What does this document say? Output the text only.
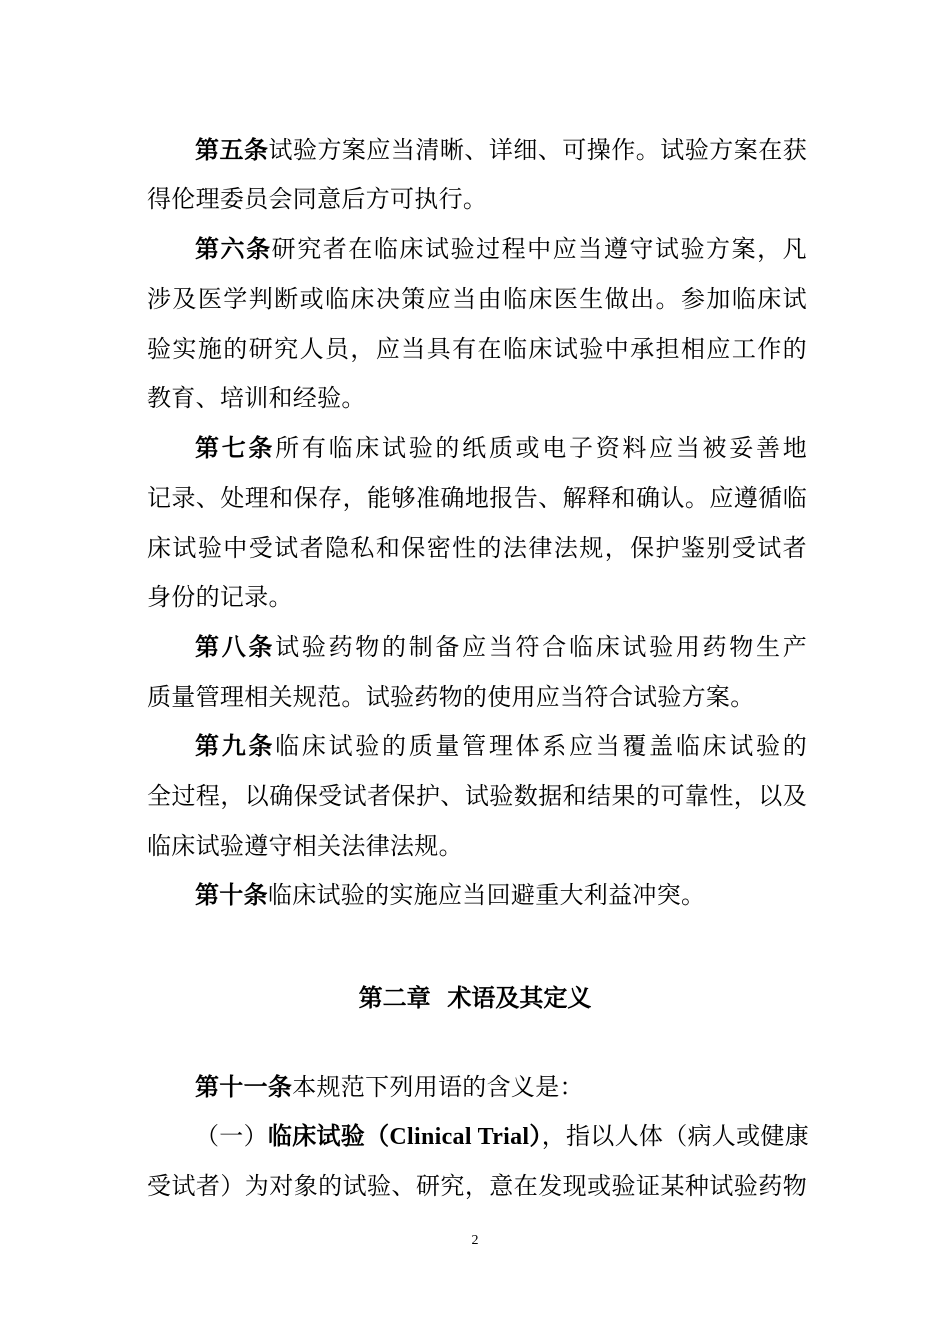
第五条试验方案应当清晰、详细、可操作。试验方案在获
得伦理委员会同意后方可执行。
第六条研究者在临床试验过程中应当遵守试验方案，凡
涉及医学判断或临床决策应当由临床医生做出。参加临床试
验实施的研究人员，应当具有在临床试验中承担相应工作的
教育、培训和经验。
第七条所有临床试验的纸质或电子资料应当被妥善地
记录、处理和保存，能够准确地报告、解释和确认。应遵循临
床试验中受试者隐私和保密性的法律法规，保护鉴别受试者
身份的记录。
第八条试验药物的制备应当符合临床试验用药物生产
质量管理相关规范。试验药物的使用应当符合试验方案。
第九条临床试验的质量管理体系应当覆盖临床试验的
全过程，以确保受试者保护、试验数据和结果的可靠性，以及
临床试验遵守相关法律法规。
第十条临床试验的实施应当回避重大利益冲突。
第二章  术语及其定义
第十一条本规范下列用语的含义是：
（一）临床试验（Clinical Trial），指以人体（病人或健康
受试者）为对象的试验、研究，意在发现或验证某种试验药物
2
